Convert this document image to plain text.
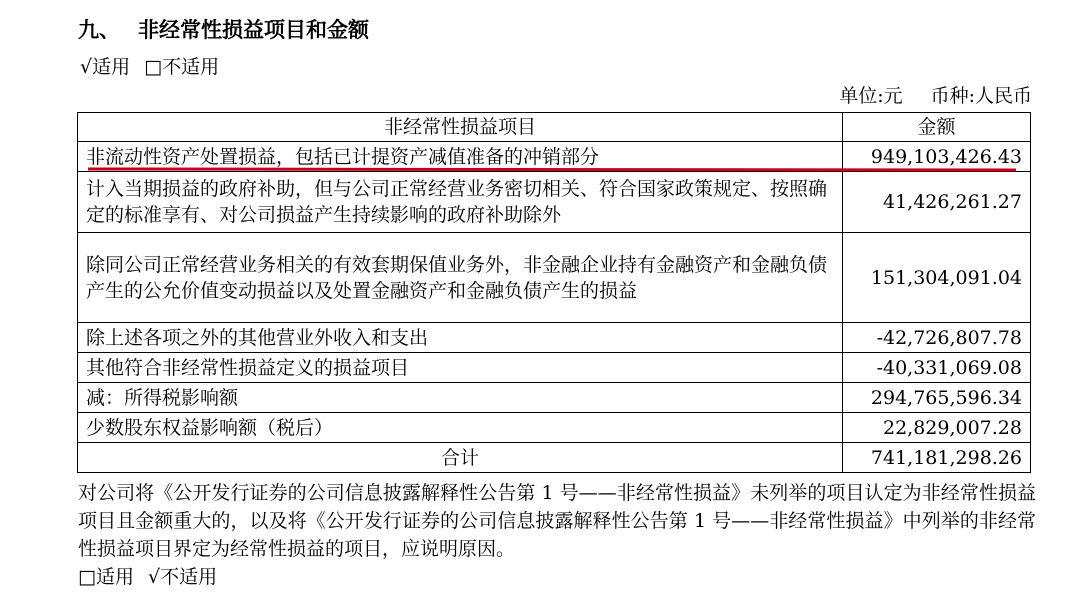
九、 非经常性损益项目和金额
√适用 □不适用
单位:元 币种:人民币
非经常性损益项目	金额
非流动性资产处置损益，包括已计提资产减值准备的冲销部分	949,103,426.43
计入当期损益的政府补助，但与公司正常经营业务密切相关、符合国家政策规定、按照确定的标准享有、对公司损益产生持续影响的政府补助除外	41,426,261.27
除同公司正常经营业务相关的有效套期保值业务外，非金融企业持有金融资产和金融负债产生的公允价值变动损益以及处置金融资产和金融负债产生的损益	151,304,091.04
除上述各项之外的其他营业外收入和支出	-42,726,807.78
其他符合非经常性损益定义的损益项目	-40,331,069.08
减：所得税影响额	294,765,596.34
少数股东权益影响额（税后）	22,829,007.28
合计	741,181,298.26
对公司将《公开发行证券的公司信息披露解释性公告第 1 号——非经常性损益》未列举的项目认定为非经常性损益项目且金额重大的，以及将《公开发行证券的公司信息披露解释性公告第 1 号——非经常性损益》中列举的非经常性损益项目界定为经常性损益的项目，应说明原因。
□适用 √不适用
